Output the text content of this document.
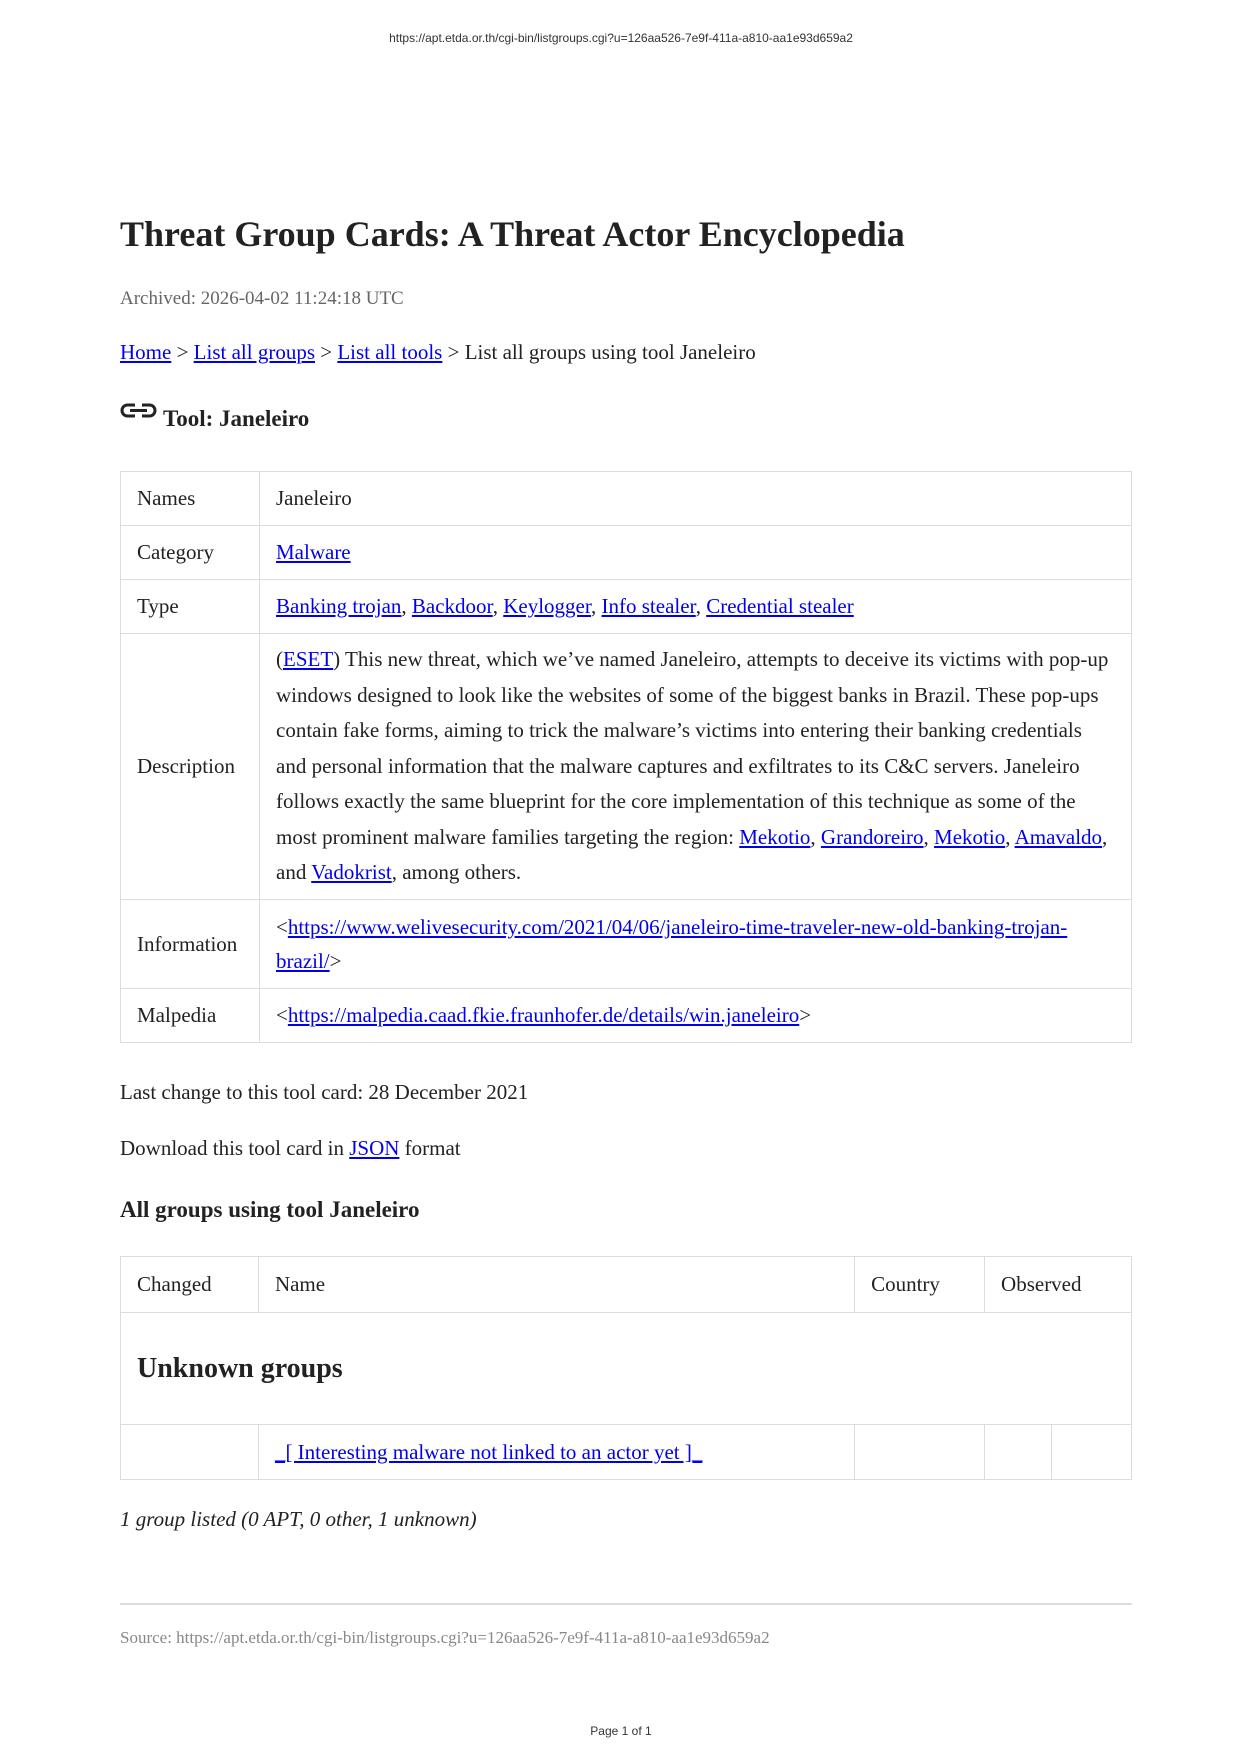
https://apt.etda.or.th/cgi-bin/listgroups.cgi?u=126aa526-7e9f-411a-a810-aa1e93d659a2
Threat Group Cards: A Threat Actor Encyclopedia
Archived: 2026-04-02 11:24:18 UTC
Home > List all groups > List all tools > List all groups using tool Janeleiro
Tool: Janeleiro
Names	Janeleiro
Category	Malware
Type	Banking trojan, Backdoor, Keylogger, Info stealer, Credential stealer
Description	(ESET) This new threat, which we’ve named Janeleiro, attempts to deceive its victims with pop-up windows designed to look like the websites of some of the biggest banks in Brazil. These pop-ups contain fake forms, aiming to trick the malware’s victims into entering their banking credentials and personal information that the malware captures and exfiltrates to its C&C servers. Janeleiro follows exactly the same blueprint for the core implementation of this technique as some of the most prominent malware families targeting the region: Mekotio, Grandoreiro, Mekotio, Amavaldo, and Vadokrist, among others.
Information	<https://www.welivesecurity.com/2021/04/06/janeleiro-time-traveler-new-old-banking-trojan-brazil/>
Malpedia	<https://malpedia.caad.fkie.fraunhofer.de/details/win.janeleiro>
Last change to this tool card: 28 December 2021
Download this tool card in JSON format
All groups using tool Janeleiro
Changed	Name	Country	Observed	
Unknown groups				
	_[ Interesting malware not linked to an actor yet ]_			
1 group listed (0 APT, 0 other, 1 unknown)
Source: https://apt.etda.or.th/cgi-bin/listgroups.cgi?u=126aa526-7e9f-411a-a810-aa1e93d659a2
Page 1 of 1
